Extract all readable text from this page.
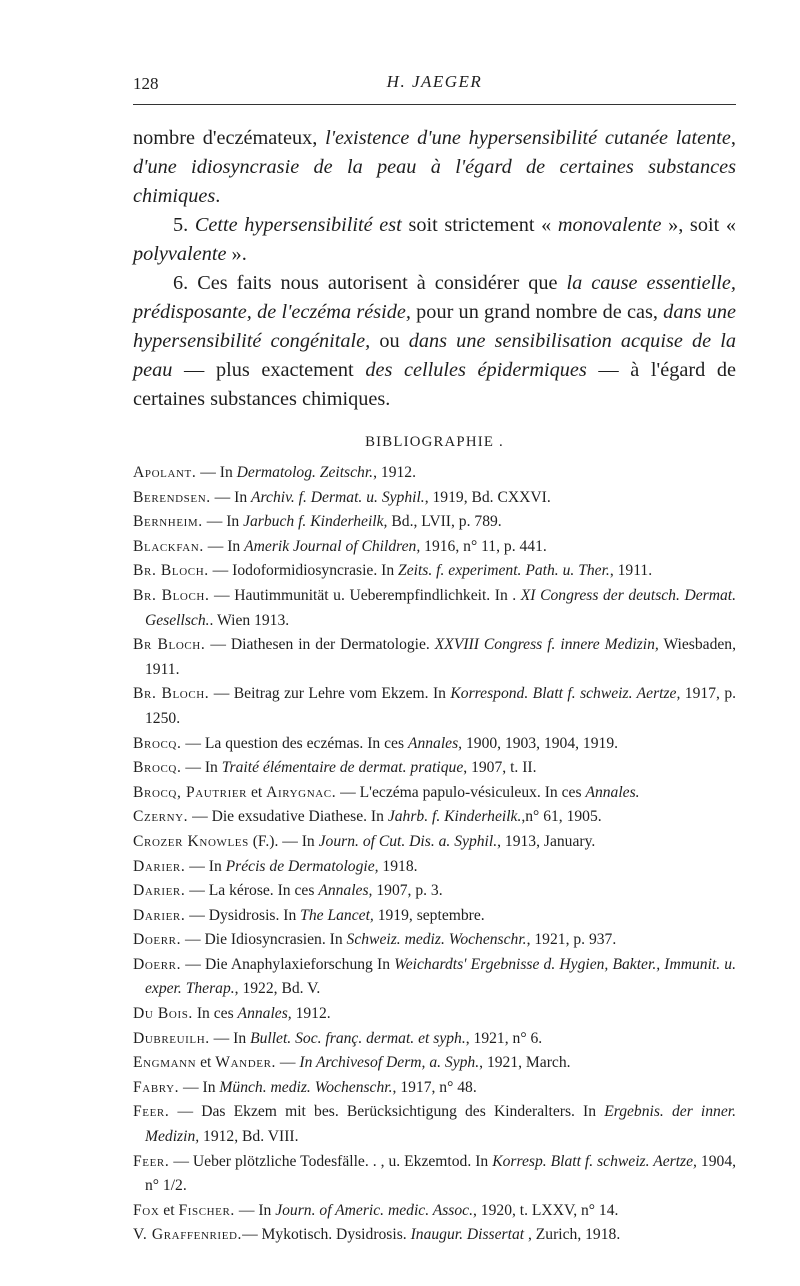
128	H. JAEGER

nombre d'eczémateux, l'existence d'une hypersensibilité cutanée latente, d'une idiosyncrasie de la peau à l'égard de certaines substances chimiques.

5. Cette hypersensibilité est soit strictement « monovalente », soit « polyvalente ».

6. Ces faits nous autorisent à considérer que la cause essentielle, prédisposante, de l'eczéma réside, pour un grand nombre de cas, dans une hypersensibilité congénitale, ou dans une sensibilisation acquise de la peau — plus exactement des cellules épidermiques — à l'égard de certaines substances chimiques.

BIBLIOGRAPHIE .
Apolant. — In Dermatolog. Zeitschr., 1912.
Berendsen. — In Archiv. f. Dermat. u. Syphil., 1919, Bd. CXXVI.
Bernheim. — In Jarbuch f. Kinderheilk, Bd., LVII, p. 789.
Blackfan. — In Amerik Journal of Children, 1916, n° 11, p. 441.
Br. Bloch. — Iodoformidiosyncrasie. In Zeits. f. experiment. Path. u. Ther., 1911.
Br. Bloch. — Hautimmunität u. Ueberempfindlichkeit. In . XI Congress der deutsch. Dermat. Gesellsch.. Wien 1913.
Br Bloch. — Diathesen in der Dermatologie. XXVIII Congress f. innere Medizin, Wiesbaden, 1911.
Br. Bloch. — Beitrag zur Lehre vom Ekzem. In Korrespond. Blatt f. schweiz. Aertze, 1917, p. 1250.
Brocq. — La question des eczémas. In ces Annales, 1900, 1903, 1904, 1919.
Brocq. — In Traité élémentaire de dermat. pratique, 1907, t. II.
Brocq, Pautrier et Airygnac. — L'eczéma papulo-vésiculeux. In ces Annales.
Czerny. — Die exsudative Diathese. In Jahrb. f. Kinderheilk.,n° 61, 1905.
Crozer Knowles (F.). — In Journ. of Cut. Dis. a. Syphil., 1913, January.
Darier. — In Précis de Dermatologie, 1918.
Darier. — La kérose. In ces Annales, 1907, p. 3.
Darier. — Dysidrosis. In The Lancet, 1919, septembre.
Doerr. — Die Idiosyncrasien. In Schweiz. mediz. Wochenschr., 1921, p. 937.
Doerr. — Die Anaphylaxieforschung In Weichardts' Ergebnisse d. Hygien, Bakter., Immunit. u. exper. Therap., 1922, Bd. V.
Du Bois. In ces Annales, 1912.
Dubreuilh. — In Bullet. Soc. franç. dermat. et syph., 1921, n° 6.
Engmann et Wander. — In Archivesof Derm, a. Syph., 1921, March.
Fabry. — In Münch. mediz. Wochenschr., 1917, n° 48.
Feer. — Das Ekzem mit bes. Berücksichtigung des Kinderalters. In Ergebnis. der inner. Medizin, 1912, Bd. VIII.
Feer. — Ueber plötzliche Todesfälle. . , u. Ekzemtod. In Korresp. Blatt f. schweiz. Aertze, 1904, n° 1/2.
Fox et Fischer. — In Journ. of Americ. medic. Assoc., 1920, t. LXXV, n° 14.
V. Graffenried.— Mykotisch. Dysidrosis. Inaugur. Dissertat , Zurich, 1918.
